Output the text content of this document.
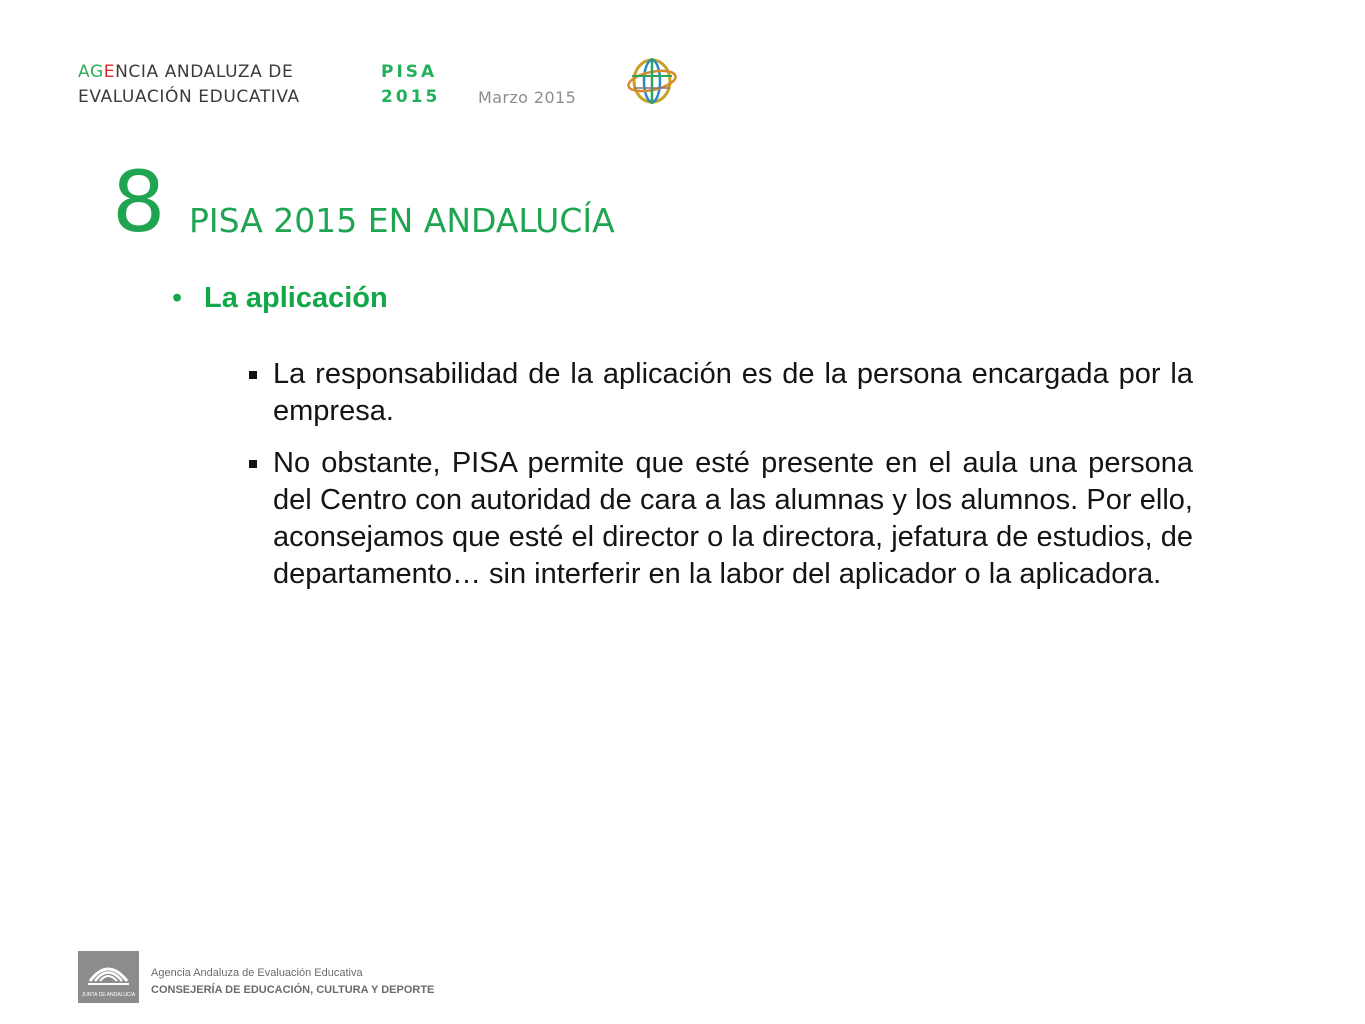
AGENCIA ANDALUZA DE
EVALUACIÓN EDUCATIVA
PISA
2015 Marzo 2015
8 PISA 2015 EN ANDALUCÍA
• La aplicación
La responsabilidad de la aplicación es de la persona encargada por la empresa.
No obstante, PISA permite que esté presente en el aula una persona del Centro con autoridad de cara a las alumnas y los alumnos. Por ello, aconsejamos que esté el director o la directora, jefatura de estudios, de departamento… sin interferir en la labor del aplicador o la aplicadora.
JUNTA DE ANDALUCIA
Agencia Andaluza de Evaluación Educativa
CONSEJERÍA DE EDUCACIÓN, CULTURA Y DEPORTE
